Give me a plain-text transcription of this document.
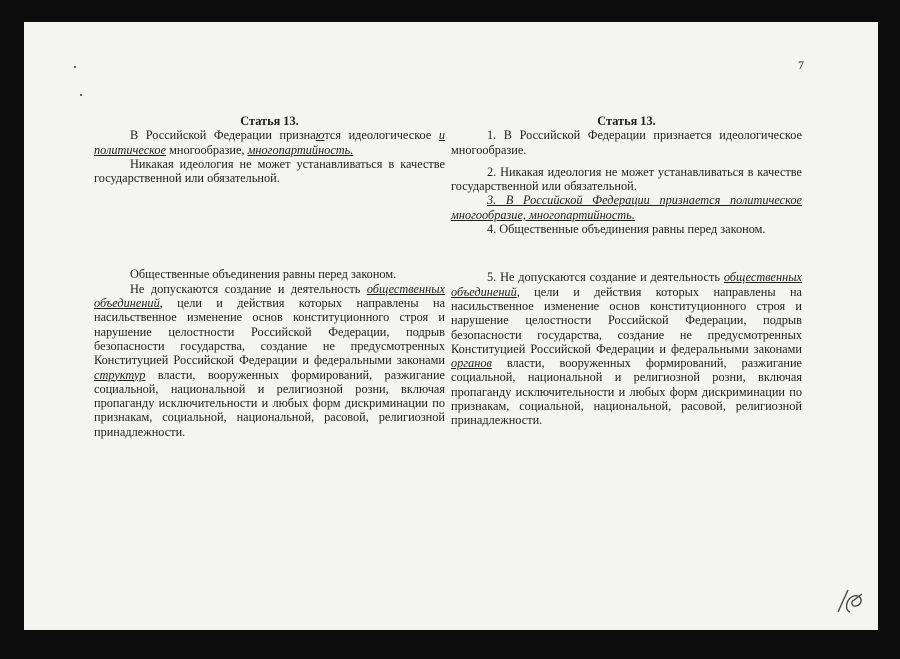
7

Статья 13.

В Российской Федерации признаются идеологическое и политическое многообразие, многопартийность.

Никакая идеология не может устанавливаться в качестве государственной или обязательной.

Общественные объединения равны перед законом.

Не допускаются создание и деятельность общественных объединений, цели и действия которых направлены на насильственное изменение основ конституционного строя и нарушение целостности Российской Федерации, подрыв безопасности государства, создание не предусмотренных Конституцией Российской Федерации и федеральными законами структур власти, вооруженных формирований, разжигание социальной, национальной и религиозной розни, включая пропаганду исключительности и любых форм дискриминации по признакам, социальной, национальной, расовой, религиозной принадлежности.

Статья 13.

1. В Российской Федерации признается идеологическое многообразие.

2. Никакая идеология не может устанавливаться в качестве государственной или обязательной.

3. В Российской Федерации признается политическое многообразие, многопартийность.

4. Общественные объединения равны перед законом.

5. Не допускаются создание и деятельность общественных объединений, цели и действия которых направлены на насильственное изменение основ конституционного строя и нарушение целостности Российской Федерации, подрыв безопасности государства, создание не предусмотренных Конституцией Российской Федерации и федеральными законами органов власти, вооруженных формирований, разжигание социальной, национальной и религиозной розни, включая пропаганду исключительности и любых форм дискриминации по признакам, социальной, национальной, расовой, религиозной принадлежности.
